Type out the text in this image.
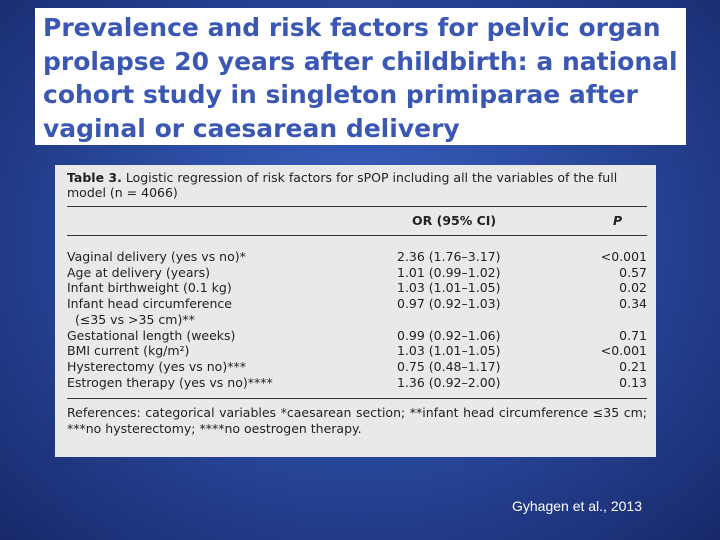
Prevalence and risk factors for pelvic organ
prolapse 20 years after childbirth: a national
cohort study in singleton primiparae after
vaginal or caesarean delivery
Table 3. Logistic regression of risk factors for sPOP including all the variables of the full model (n = 4066)
OR (95% CI)	P
Vaginal delivery (yes vs no)*	2.36 (1.76–3.17)	<0.001
Age at delivery (years)	1.01 (0.99–1.02)	0.57
Infant birthweight (0.1 kg)	1.03 (1.01–1.05)	0.02
Infant head circumference	0.97 (0.92–1.03)	0.34
(≤35 vs >35 cm)**
Gestational length (weeks)	0.99 (0.92–1.06)	0.71
BMI current (kg/m²)	1.03 (1.01–1.05)	<0.001
Hysterectomy (yes vs no)***	0.75 (0.48–1.17)	0.21
Estrogen therapy (yes vs no)****	1.36 (0.92–2.00)	0.13
References: categorical variables *caesarean section; **infant head circumference ≤35 cm; ***no hysterectomy; ****no oestrogen therapy.
Gyhagen et al., 2013
